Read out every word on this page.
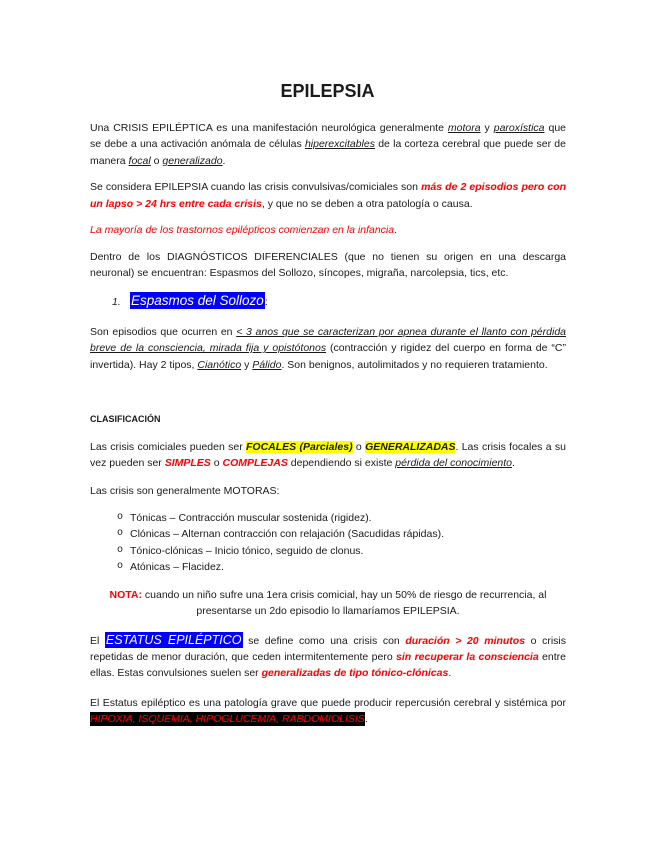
EPILEPSIA

Una CRISIS EPILÉPTICA es una manifestación neurológica generalmente motora y paroxística que se debe a una activación anómala de células hiperexcitables de la corteza cerebral que puede ser de manera focal o generalizado.

Se considera EPILEPSIA cuando las crisis convulsivas/comiciales son más de 2 episodios pero con un lapso > 24 hrs entre cada crisis, y que no se deben a otra patología o causa.

La mayoría de los trastornos epilépticos comienzan en la infancia.

Dentro de los DIAGNÓSTICOS DIFERENCIALES (que no tienen su origen en una descarga neuronal) se encuentran: Espasmos del Sollozo, síncopes, migraña, narcolepsia, tics, etc.

1. Espasmos del Sollozo:

Son episodios que ocurren en < 3 anos que se caracterizan por apnea durante el llanto con pérdida breve de la consciencia, mirada fija y opistótonos (contracción y rigidez del cuerpo en forma de “C” invertida). Hay 2 tipos, Cianótico y Pálido. Son benignos, autolimitados y no requieren tratamiento.

CLASIFICACIÓN

Las crisis comiciales pueden ser FOCALES (Parciales) o GENERALIZADAS. Las crisis focales a su vez pueden ser SIMPLES o COMPLEJAS dependiendo si existe pérdida del conocimiento.

Las crisis son generalmente MOTORAS:

o Tónicas – Contracción muscular sostenida (rigidez).
o Clónicas – Alternan contracción con relajación (Sacudidas rápidas).
o Tónico-clónicas – Inicio tónico, seguido de clonus.
o Atónicas – Flacidez.

NOTA: cuando un niño sufre una 1era crisis comicial, hay un 50% de riesgo de recurrencia, al presentarse un 2do episodio lo llamaríamos EPILEPSIA.

El ESTATUS EPILÉPTICO se define como una crisis con duración > 20 minutos o crisis repetidas de menor duración, que ceden intermitentemente pero sin recuperar la consciencia entre ellas. Estas convulsiones suelen ser generalizadas de tipo tónico-clónicas.

El Estatus epiléptico es una patología grave que puede producir repercusión cerebral y sistémica por HIPOXIA, ISQUEMIA, HIPOGLUCEMIA, RABDOMIOLISIS.
